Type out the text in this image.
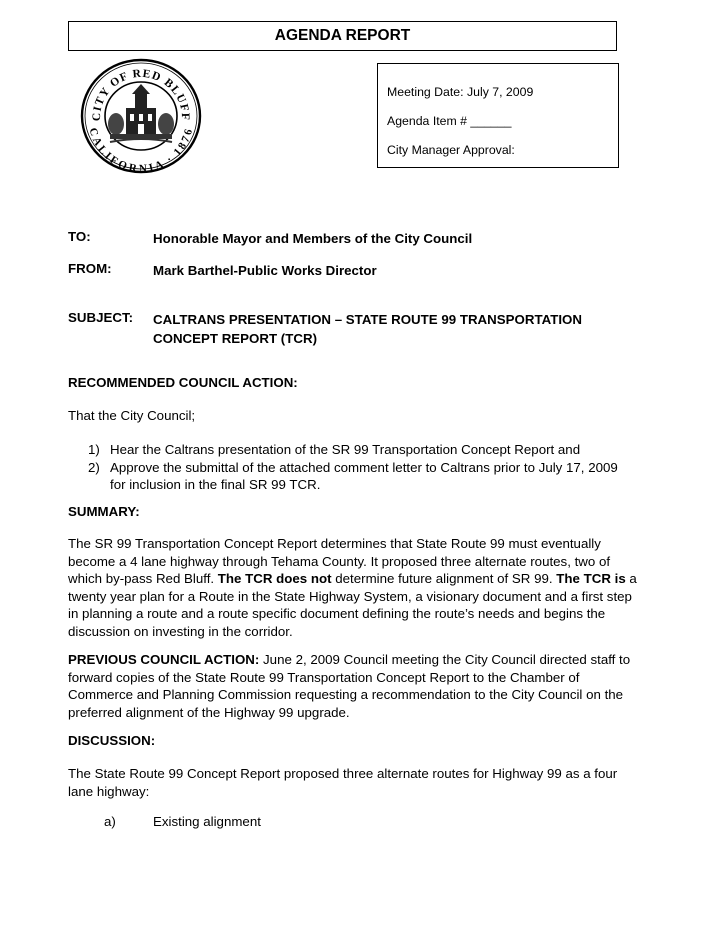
AGENDA REPORT
CITY OF RED BLUFF
CALIFORNIA · 1876
Meeting Date: July 7, 2009
Agenda Item # ______
City Manager Approval:
TO:	Honorable Mayor and Members of the City Council
FROM:	Mark Barthel-Public Works Director
SUBJECT: CALTRANS PRESENTATION – STATE ROUTE 99 TRANSPORTATION CONCEPT REPORT (TCR)
RECOMMENDED COUNCIL ACTION:
That the City Council;
1) Hear the Caltrans presentation of the SR 99 Transportation Concept Report and
2) Approve the submittal of the attached comment letter to Caltrans prior to July 17, 2009 for inclusion in the final SR 99 TCR.
SUMMARY:
The SR 99 Transportation Concept Report determines that State Route 99 must eventually become a 4 lane highway through Tehama County. It proposed three alternate routes, two of which by-pass Red Bluff. The TCR does not determine future alignment of SR 99. The TCR is a twenty year plan for a Route in the State Highway System, a visionary document and a first step in planning a route and a route specific document defining the route’s needs and begins the discussion on investing in the corridor.
PREVIOUS COUNCIL ACTION: June 2, 2009 Council meeting the City Council directed staff to forward copies of the State Route 99 Transportation Concept Report to the Chamber of Commerce and Planning Commission requesting a recommendation to the City Council on the preferred alignment of the Highway 99 upgrade.
DISCUSSION:
The State Route 99 Concept Report proposed three alternate routes for Highway 99 as a four lane highway:
a)	Existing alignment
